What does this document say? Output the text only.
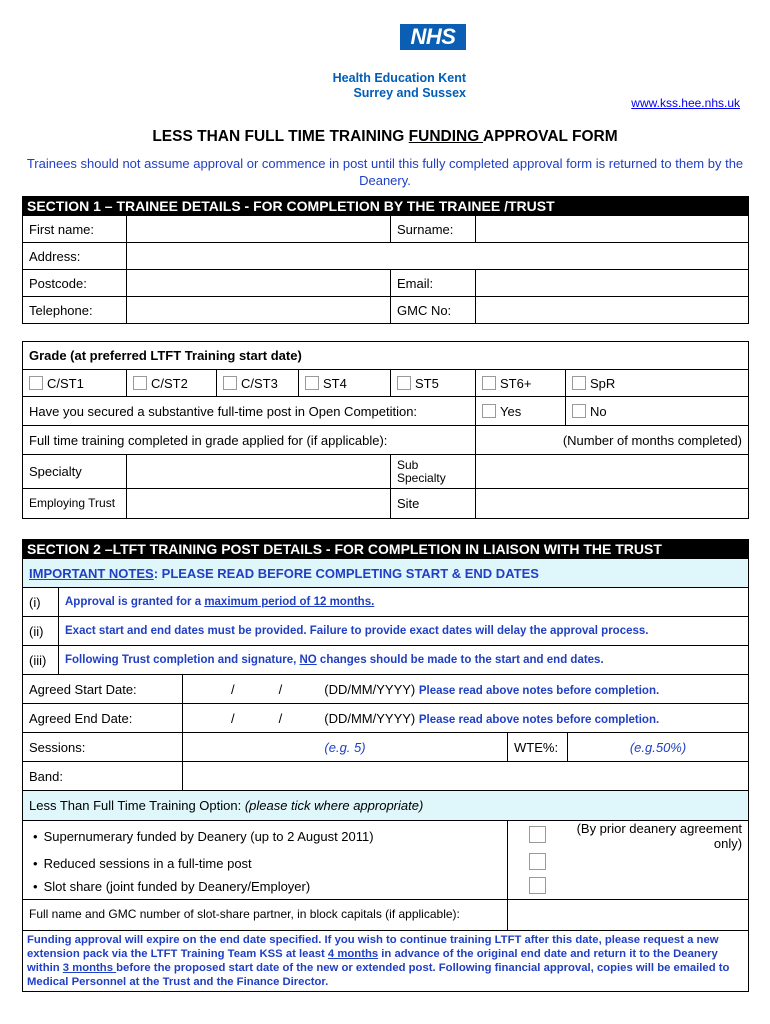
NHS
Health Education Kent
Surrey and Sussex
www.kss.hee.nhs.uk
LESS THAN FULL TIME TRAINING FUNDING APPROVAL FORM
Trainees should not assume approval or commence in post until this fully completed approval form is returned to them by the Deanery.
SECTION 1 – TRAINEE DETAILS - FOR COMPLETION BY THE TRAINEE /TRUST			
First name:		Surname:	
Address:			
Postcode:		Email:	
Telephone:		GMC No:	
Grade (at preferred LTFT Training start date)						
C/ST1	C/ST2	C/ST3	ST4	ST5	ST6+	SpR
Have you secured a substantive full-time post in Open Competition:					Yes	No
Full time training completed in grade applied for (if applicable):					(Number of months completed)	
Specialty				Sub Specialty		
Employing Trust				Site		
SECTION 2 –LTFT TRAINING POST DETAILS - FOR COMPLETION IN LIAISON WITH THE TRUST				
IMPORTANT NOTES: PLEASE READ BEFORE COMPLETING START & END DATES				
(i)	Approval is granted for a maximum period of 12 months.			
(ii)	Exact start and end dates must be provided. Failure to provide exact dates will delay the approval process.			
(iii)	Following Trust completion and signature, NO changes should be made to the start and end dates.			
Agreed Start Date:		/ / (DD/MM/YYYY) Please read above notes before completion.		
Agreed End Date:		/ / (DD/MM/YYYY) Please read above notes before completion.		
Sessions:		(e.g. 5)	WTE%:	(e.g.50%)
Band:				
Less Than Full Time Training Option: (please tick where appropriate)				
• Supernumerary funded by Deanery (up to 2 August 2011)				(By prior deanery agreement only)
• Reduced sessions in a full-time post		
• Slot share (joint funded by Deanery/Employer)		
Full name and GMC number of slot-share partner, in block capitals (if applicable):				
Funding approval will expire on the end date specified. If you wish to continue training LTFT after this date, please request a new extension pack via the LTFT Training Team KSS at least 4 months in advance of the original end date and return it to the Deanery within 3 months before the proposed start date of the new or extended post. Following financial approval, copies will be emailed to Medical Personnel at the Trust and the Finance Director.				
